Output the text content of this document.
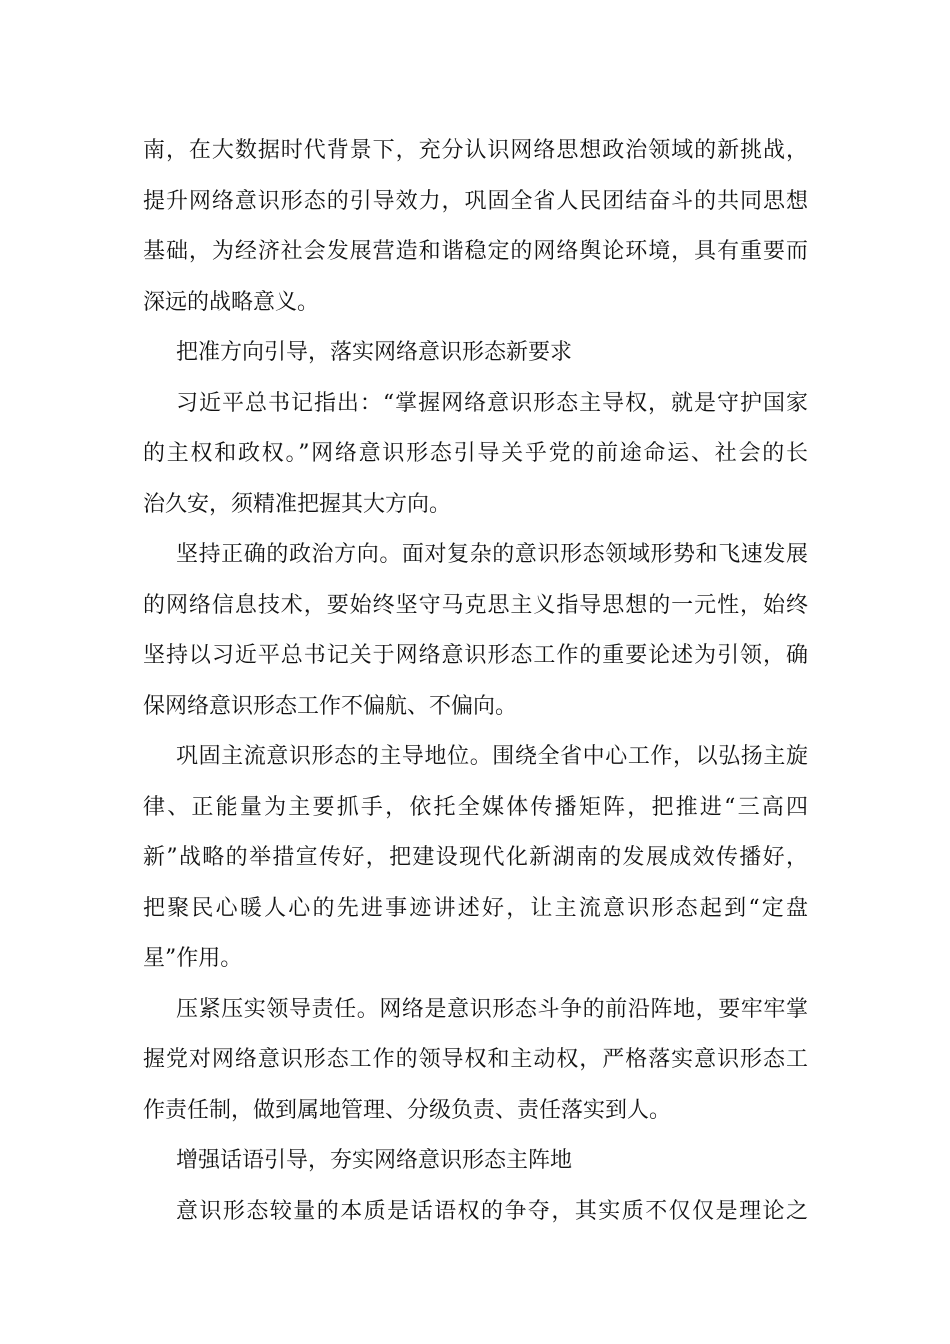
南，在大数据时代背景下，充分认识网络思想政治领域的新挑战，
提升网络意识形态的引导效力，巩固全省人民团结奋斗的共同思想
基础，为经济社会发展营造和谐稳定的网络舆论环境，具有重要而
深远的战略意义。
把准方向引导，落实网络意识形态新要求
习近平总书记指出：“掌握网络意识形态主导权，就是守护国家
的主权和政权。”网络意识形态引导关乎党的前途命运、社会的长
治久安，须精准把握其大方向。
坚持正确的政治方向。面对复杂的意识形态领域形势和飞速发展
的网络信息技术，要始终坚守马克思主义指导思想的一元性，始终
坚持以习近平总书记关于网络意识形态工作的重要论述为引领，确
保网络意识形态工作不偏航、不偏向。
巩固主流意识形态的主导地位。围绕全省中心工作，以弘扬主旋
律、正能量为主要抓手，依托全媒体传播矩阵，把推进“三高四
新”战略的举措宣传好，把建设现代化新湖南的发展成效传播好，
把聚民心暖人心的先进事迹讲述好，让主流意识形态起到“定盘
星”作用。
压紧压实领导责任。网络是意识形态斗争的前沿阵地，要牢牢掌
握党对网络意识形态工作的领导权和主动权，严格落实意识形态工
作责任制，做到属地管理、分级负责、责任落实到人。
增强话语引导，夯实网络意识形态主阵地
意识形态较量的本质是话语权的争夺，其实质不仅仅是理论之
